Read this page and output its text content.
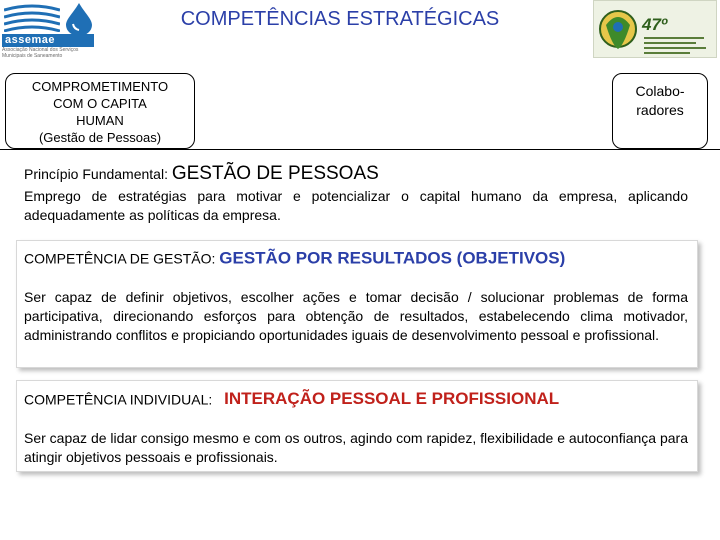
assemae
Associação Nacional dos Serviços Municipais de Saneamento
COMPETÊNCIAS ESTRATÉGICAS	47º
COMPROMETIMENTO
COM O CAPITA
HUMAN
(Gestão de Pessoas)
Colabo-
radores
Princípio Fundamental: GESTÃO DE PESSOAS
Emprego de estratégias para motivar e potencializar o capital humano da empresa, aplicando adequadamente as políticas da empresa.
COMPETÊNCIA DE GESTÃO: GESTÃO POR RESULTADOS (OBJETIVOS)
Ser capaz de definir objetivos, escolher ações e tomar decisão / solucionar problemas de forma participativa, direcionando esforços para obtenção de resultados, estabelecendo clima motivador, administrando conflitos e propiciando oportunidades iguais de desenvolvimento pessoal e profissional.
COMPETÊNCIA INDIVIDUAL: INTERAÇÃO PESSOAL E PROFISSIONAL
Ser capaz de lidar consigo mesmo e com os outros, agindo com rapidez, flexibilidade e autoconfiança para atingir objetivos pessoais e profissionais.
